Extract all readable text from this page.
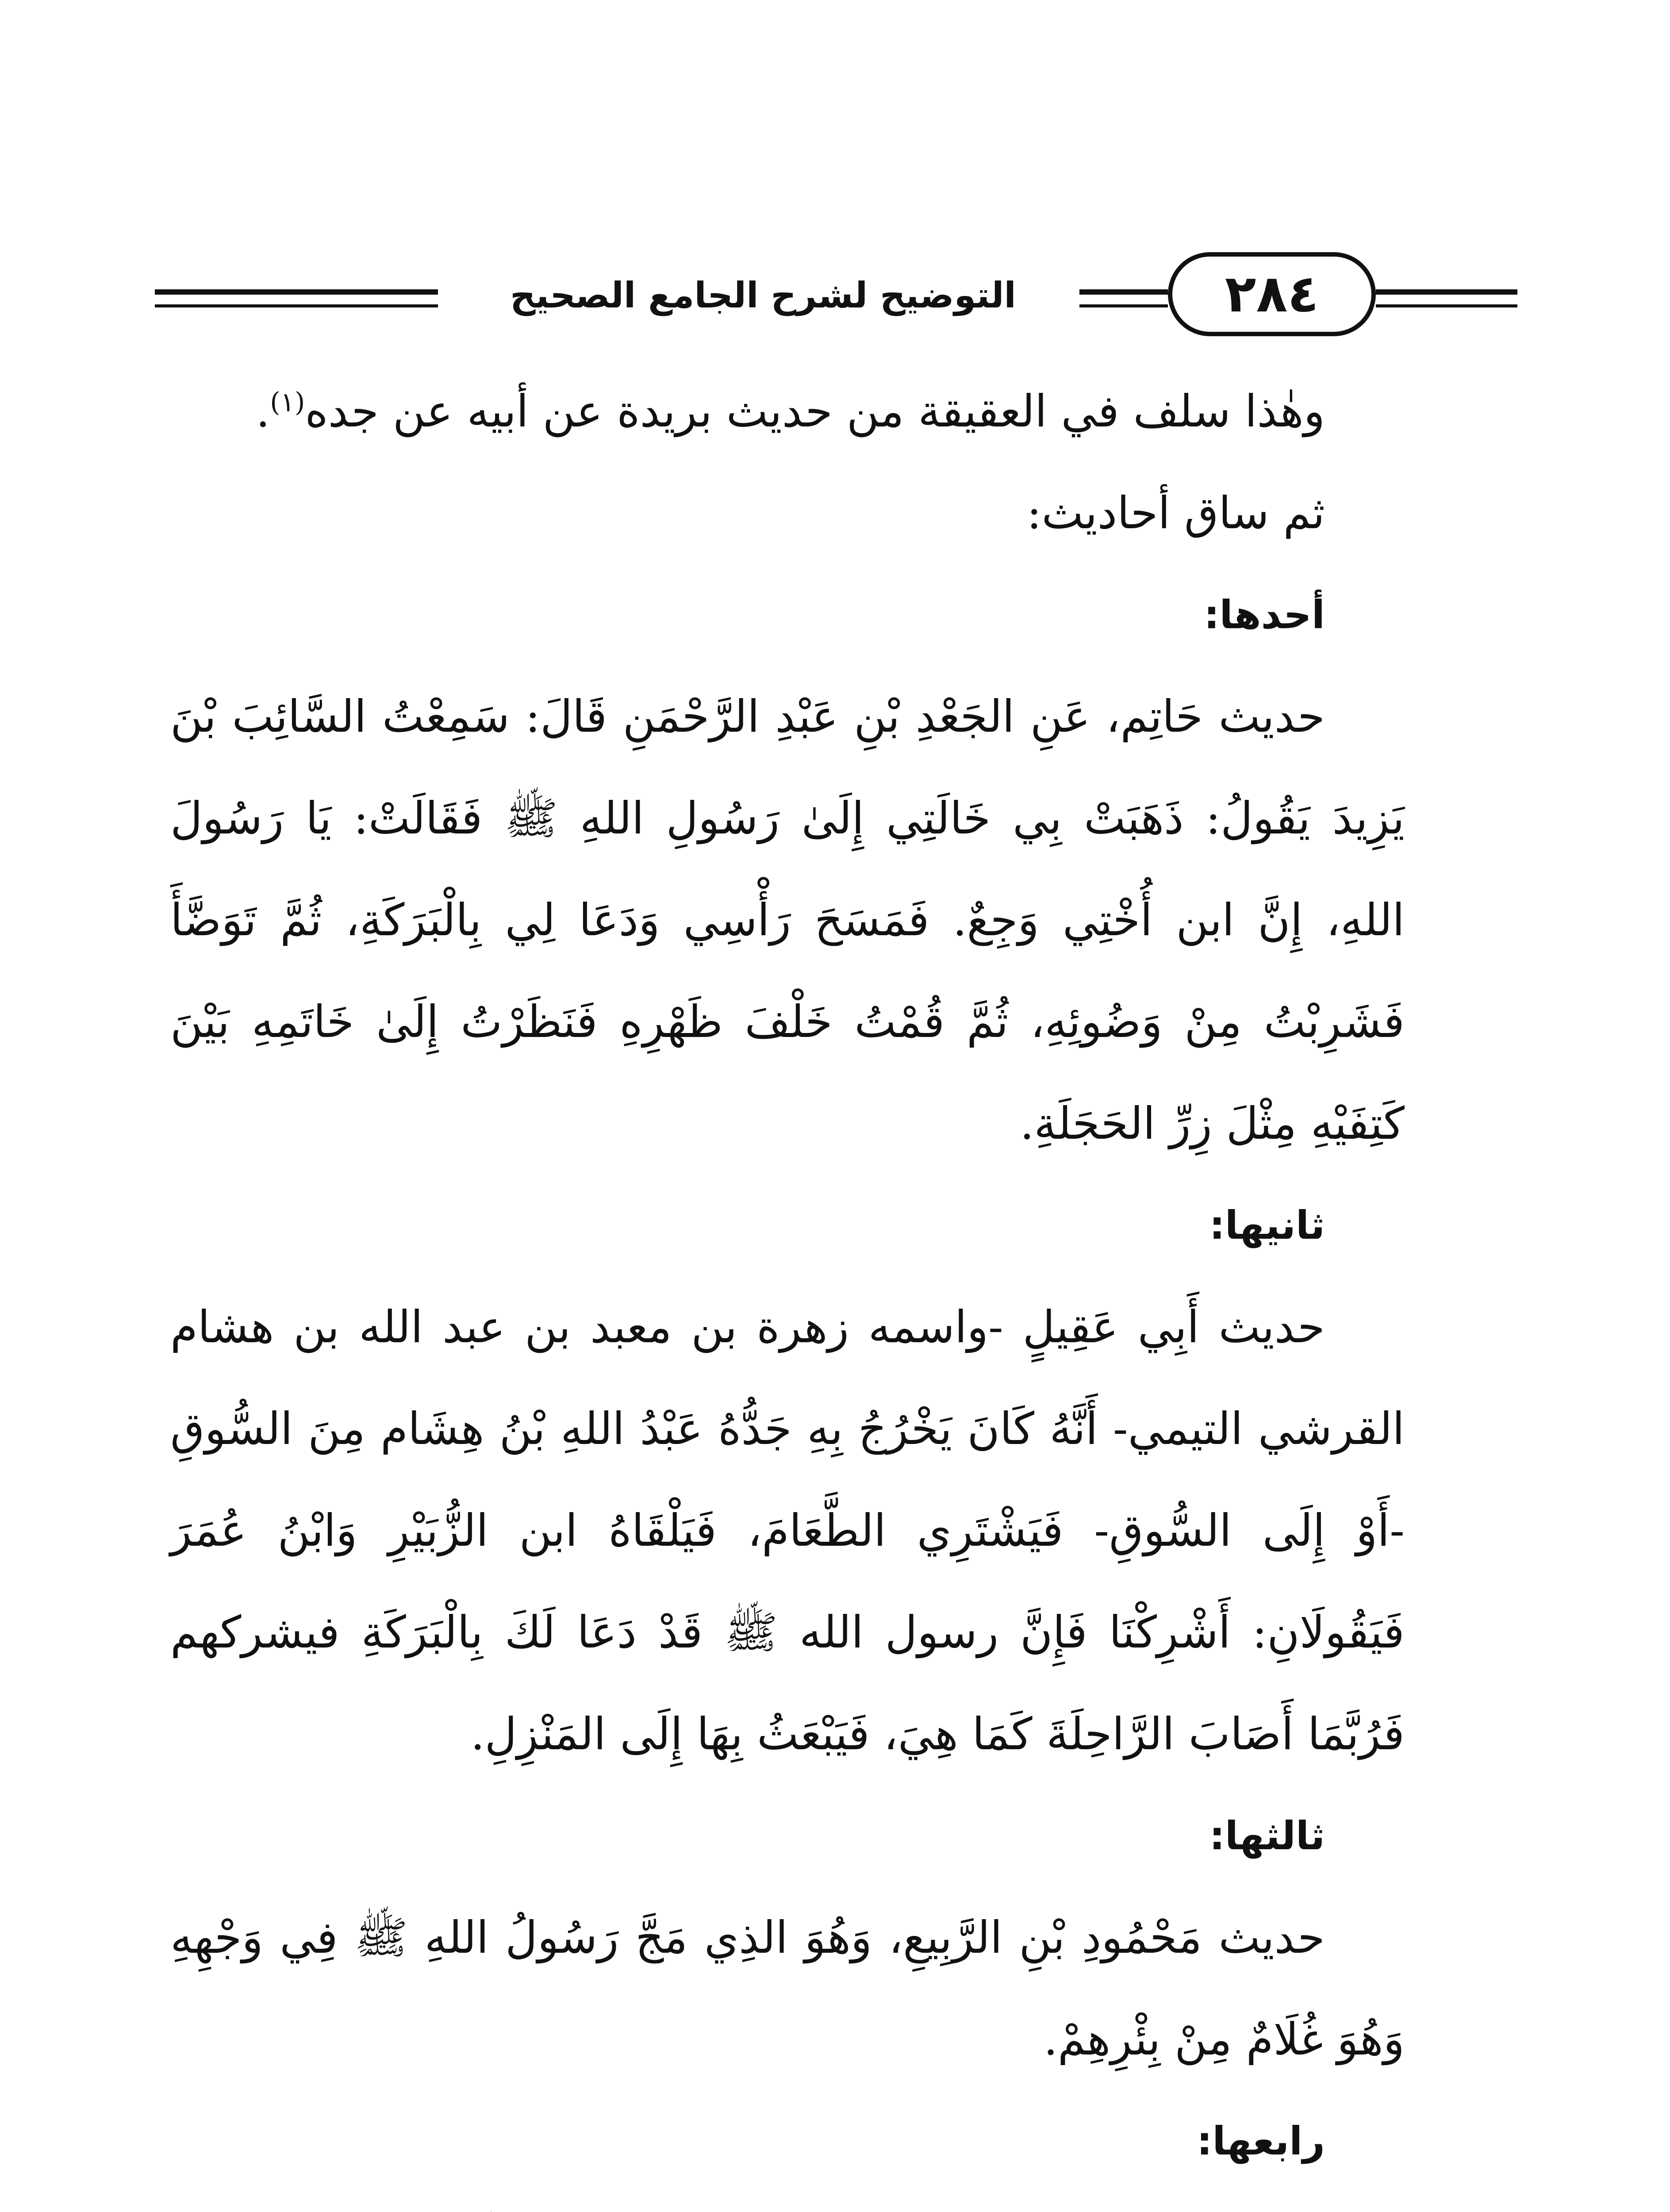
التوضيح لشرح الجامع الصحيح	٢٨٤

وهٰذا سلف في العقيقة من حديث بريدة عن أبيه عن جده$^{(١)}$.

ثم ساق أحاديث:

أحدها:

حديث حَاتِم، عَنِ الجَعْدِ بْنِ عَبْدِ الرَّحْمَنِ قَالَ: سَمِعْتُ السَّائِبَ بْنَ يَزِيدَ يَقُولُ: ذَهَبَتْ بِي خَالَتِي إِلَىٰ رَسُولِ اللهِ ﷺ فَقَالَتْ: يَا رَسُولَ اللهِ، إِنَّ ابن أُخْتِي وَجِعٌ. فَمَسَحَ رَأْسِي وَدَعَا لِي بِالْبَرَكَةِ، ثُمَّ تَوَضَّأَ فَشَرِبْتُ مِنْ وَضُوئِهِ، ثُمَّ قُمْتُ خَلْفَ ظَهْرِهِ فَنَظَرْتُ إِلَىٰ خَاتَمِهِ بَيْنَ كَتِفَيْهِ مِثْلَ زِرِّ الحَجَلَةِ.

ثانيها:

حديث أَبِي عَقِيلٍ -واسمه زهرة بن معبد بن عبد الله بن هشام القرشي التيمي- أَنَّهُ كَانَ يَخْرُجُ بِهِ جَدُّهُ عَبْدُ اللهِ بْنُ هِشَام مِنَ السُّوقِ -أَوْ إِلَى السُّوقِ- فَيَشْتَرِي الطَّعَامَ، فَيَلْقَاهُ ابن الزُّبَيْرِ وَابْنُ عُمَرَ فَيَقُولَانِ: أَشْرِكْنَا فَإِنَّ رسول الله ﷺ قَدْ دَعَا لَكَ بِالْبَرَكَةِ فيشركهم فَرُبَّمَا أَصَابَ الرَّاحِلَةَ كَمَا هِيَ، فَيَبْعَثُ بِهَا إِلَى المَنْزِلِ.

ثالثها:

حديث مَحْمُودِ بْنِ الرَّبِيعِ، وَهُوَ الذِي مَجَّ رَسُولُ اللهِ ﷺ فِي وَجْهِهِ وَهُوَ غُلَامٌ مِنْ بِئْرِهِمْ.

رابعها:
